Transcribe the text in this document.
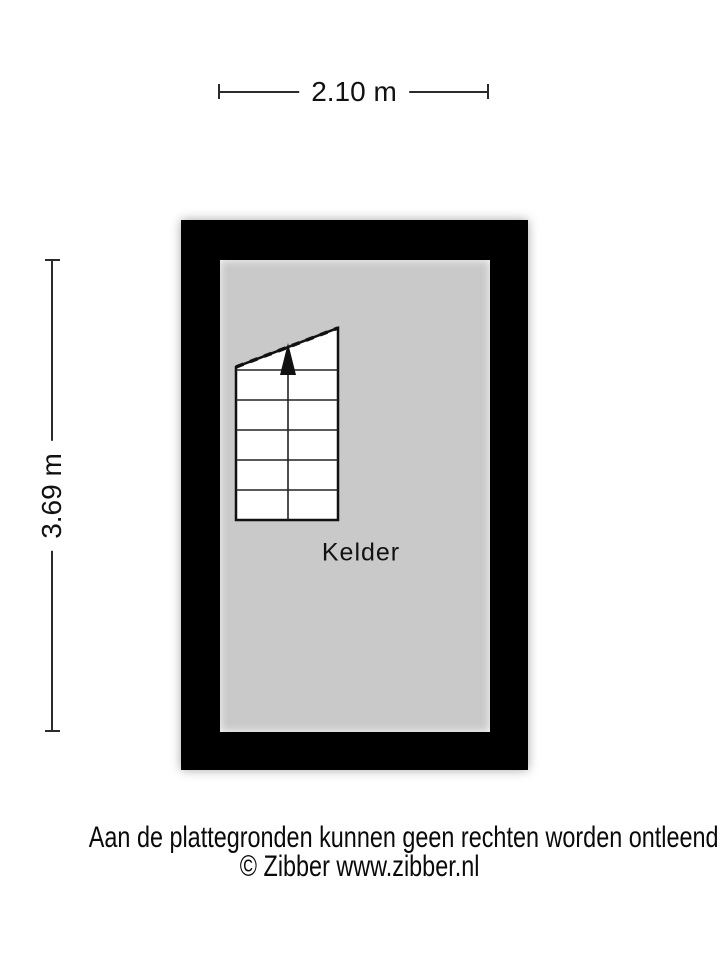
2.10 m
3.69 m
Kelder
Aan de plattegronden kunnen geen rechten worden ontleend
© Zibber www.zibber.nl
